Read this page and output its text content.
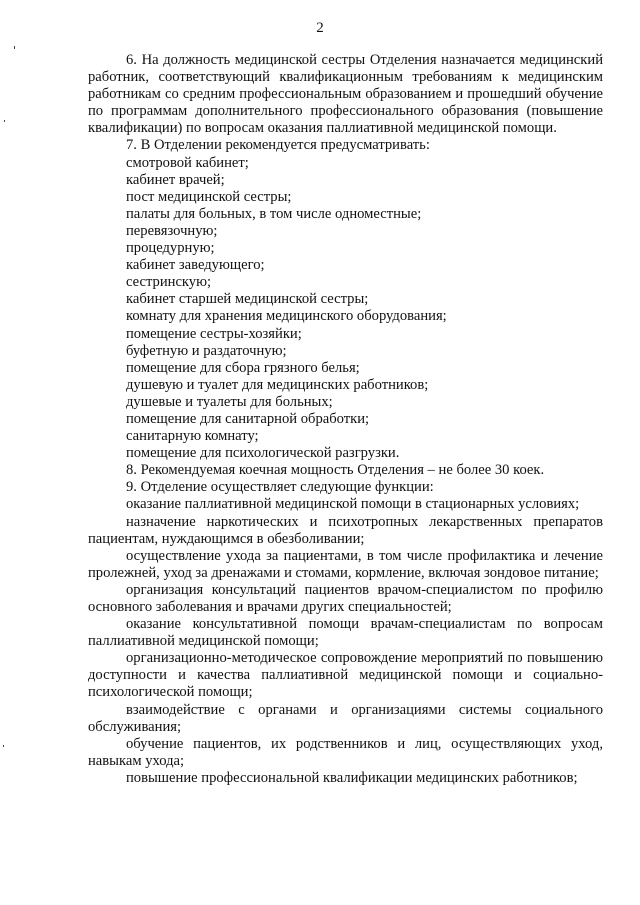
2

6. На должность медицинской сестры Отделения назначается медицинский работник, соответствующий квалификационным требованиям к медицинским работникам со средним профессиональным образованием и прошедший обучение по программам дополнительного профессионального образования (повышение квалификации) по вопросам оказания паллиативной медицинской помощи.

7. В Отделении рекомендуется предусматривать:

смотровой кабинет;

кабинет врачей;

пост медицинской сестры;

палаты для больных, в том числе одноместные;

перевязочную;

процедурную;

кабинет заведующего;

сестринскую;

кабинет старшей медицинской сестры;

комнату для хранения медицинского оборудования;

помещение сестры-хозяйки;

буфетную и раздаточную;

помещение для сбора грязного белья;

душевую и туалет для медицинских работников;

душевые и туалеты для больных;

помещение для санитарной обработки;

санитарную комнату;

помещение для психологической разгрузки.

8. Рекомендуемая коечная мощность Отделения – не более 30 коек.

9. Отделение осуществляет следующие функции:

оказание паллиативной медицинской помощи в стационарных условиях;

назначение наркотических и психотропных лекарственных препаратов пациентам, нуждающимся в обезболивании;

осуществление ухода за пациентами, в том числе профилактика и лечение пролежней, уход за дренажами и стомами, кормление, включая зондовое питание;

организация консультаций пациентов врачом-специалистом по профилю основного заболевания и врачами других специальностей;

оказание консультативной помощи врачам-специалистам по вопросам паллиативной медицинской помощи;

организационно-методическое сопровождение мероприятий по повышению доступности и качества паллиативной медицинской помощи и социально-психологической помощи;

взаимодействие с органами и организациями системы социального обслуживания;

обучение пациентов, их родственников и лиц, осуществляющих уход, навыкам ухода;

повышение профессиональной квалификации медицинских работников;
